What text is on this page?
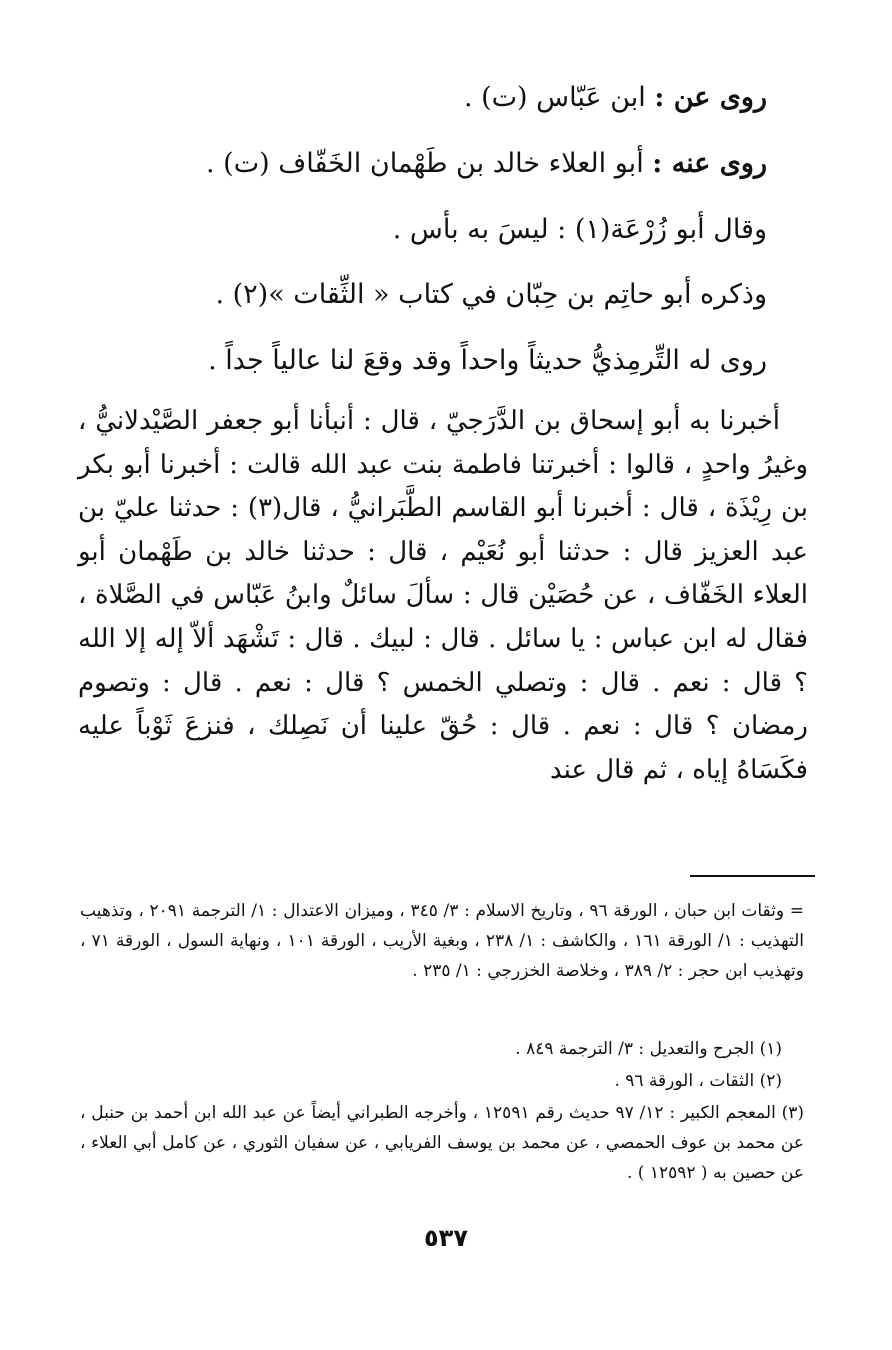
روى عن : ابن عَبّاس (ت) .
روى عنه : أبو العلاء خالد بن طَهْمان الخَفّاف (ت) .
وقال أبو زُرْعَة(١) : ليسَ به بأس .
وذكره أبو حاتِم بن حِبّان في كتاب « الثِّقات »(٢) .
روى له التِّرمِذيُّ حديثاً واحداً وقد وقعَ لنا عالياً جداً .
أخبرنا به أبو إسحاق بن الدَّرَجيّ ، قال : أنبأنا أبو جعفر الصَّيْدلانيُّ ، وغيرُ واحدٍ ، قالوا : أخبرتنا فاطمة بنت عبد الله قالت : أخبرنا أبو بكر بن رِيْذَة ، قال : أخبرنا أبو القاسم الطَّبَرانيُّ ، قال(٣) : حدثنا عليّ بن عبد العزيز قال : حدثنا أبو نُعَيْم ، قال : حدثنا خالد بن طَهْمان أبو العلاء الخَفّاف ، عن حُصَيْن قال : سألَ سائلٌ وابنُ عَبّاس في الصَّلاة ، فقال له ابن عباس : يا سائل . قال : لبيك . قال : تَشْهَد ألاّ إله إلا الله ؟ قال : نعم . قال : وتصلي الخمس ؟ قال : نعم . قال : وتصوم رمضان ؟ قال : نعم . قال : حُقّ علينا أن نَصِلك ، فنزعَ ثَوْباً عليه فكَسَاهُ إياه ، ثم قال عند
= وثقات ابن حبان ، الورقة ٩٦ ، وتاريخ الاسلام : ٣/ ٣٤٥ ، وميزان الاعتدال : ١/ الترجمة ٢٠٩١ ، وتذهيب التهذيب : ١/ الورقة ١٦١ ، والكاشف : ١/ ٢٣٨ ، وبغية الأريب ، الورقة ١٠١ ، ونهاية السول ، الورقة ٧١ ، وتهذيب ابن حجر : ٢/ ٣٨٩ ، وخلاصة الخزرجي : ١/ ٢٣٥ .
(١) الجرح والتعديل : ٣/ الترجمة ٨٤٩ .
(٢) الثقات ، الورقة ٩٦ .
(٣) المعجم الكبير : ١٢/ ٩٧ حديث رقم ١٢٥٩١ ، وأخرجه الطبراني أيضاً عن عبد الله ابن أحمد بن حنبل ، عن محمد بن عوف الحمصي ، عن محمد بن يوسف الفريابي ، عن سفيان الثوري ، عن كامل أبي العلاء ، عن حصين به ( ١٢٥٩٢ ) .
٥٣٧
